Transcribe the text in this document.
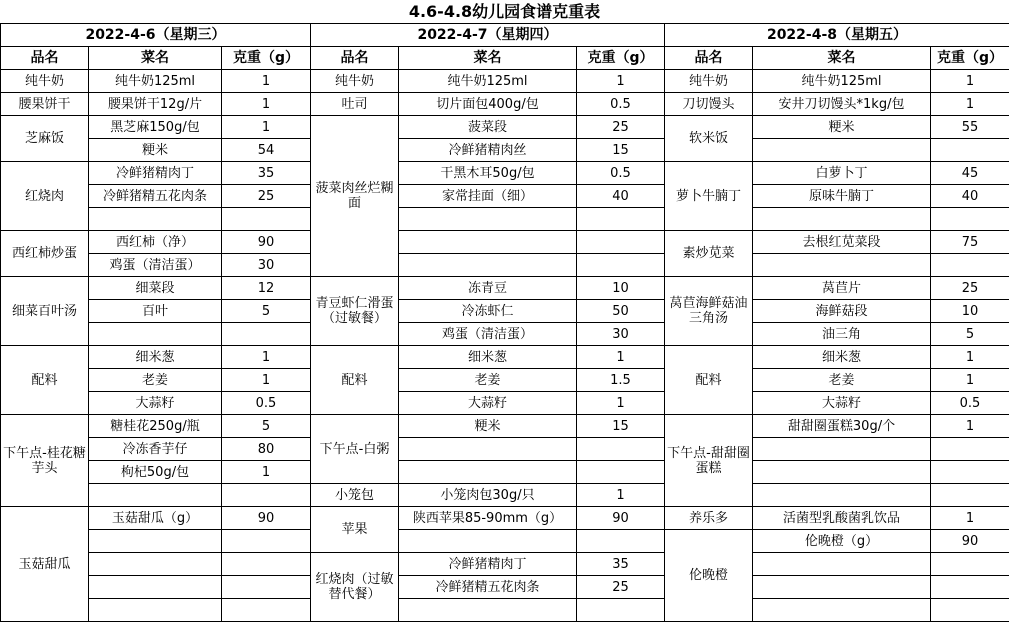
4.6-4.8幼儿园食谱克重表
2022-4-6（星期三）			2022-4-7（星期四）			2022-4-8（星期五）		
品名	菜名	克重（g）	品名	菜名	克重（g）	品名	菜名	克重（g）
纯牛奶	纯牛奶125ml	1	纯牛奶	纯牛奶125ml	1	纯牛奶	纯牛奶125ml	1
腰果饼干	腰果饼干12g/片	1	吐司	切片面包400g/包	0.5	刀切馒头	安井刀切馒头*1kg/包	1
芝麻饭	黑芝麻150g/包	1	菠菜肉丝烂糊面	菠菜段	25	软米饭	粳米	55
	粳米	54		冷鲜猪精肉丝	15			
红烧肉	冷鲜猪精肉丁	35		干黑木耳50g/包	0.5	萝卜牛腩丁	白萝卜丁	45
	冷鲜猪精五花肉条	25		家常挂面（细）	40		原味牛腩丁	40

西红柿炒蛋	西红柿（净）	90				素炒苋菜	去根红苋菜段	75
	鸡蛋（清洁蛋）	30						
细菜百叶汤	细菜段	12	青豆虾仁滑蛋（过敏餐）	冻青豆	10	莴苣海鲜菇油三角汤	莴苣片	25
	百叶	5		冷冻虾仁	50		海鲜菇段	10
				鸡蛋（清洁蛋）	30		油三角	5
配料	细米葱	1	配料	细米葱	1	配料	细米葱	1
	老姜	1		老姜	1.5		老姜	1
	大蒜籽	0.5		大蒜籽	1		大蒜籽	0.5
下午点-桂花糖芋头	糖桂花250g/瓶	5	下午点-白粥	粳米	15	下午点-甜甜圈蛋糕	甜甜圈蛋糕30g/个	1
	冷冻香芋仔	80						
	枸杞50g/包	1						
			小笼包	小笼肉包30g/只	1			
玉菇甜瓜	玉菇甜瓜（g）	90	苹果	陕西苹果85-90mm（g）	90	养乐多	活菌型乳酸菌乳饮品	1
						伦晚橙	伦晚橙（g）	90
			红烧肉（过敏替代餐）	冷鲜猪精肉丁	35			
				冷鲜猪精五花肉条	25			
